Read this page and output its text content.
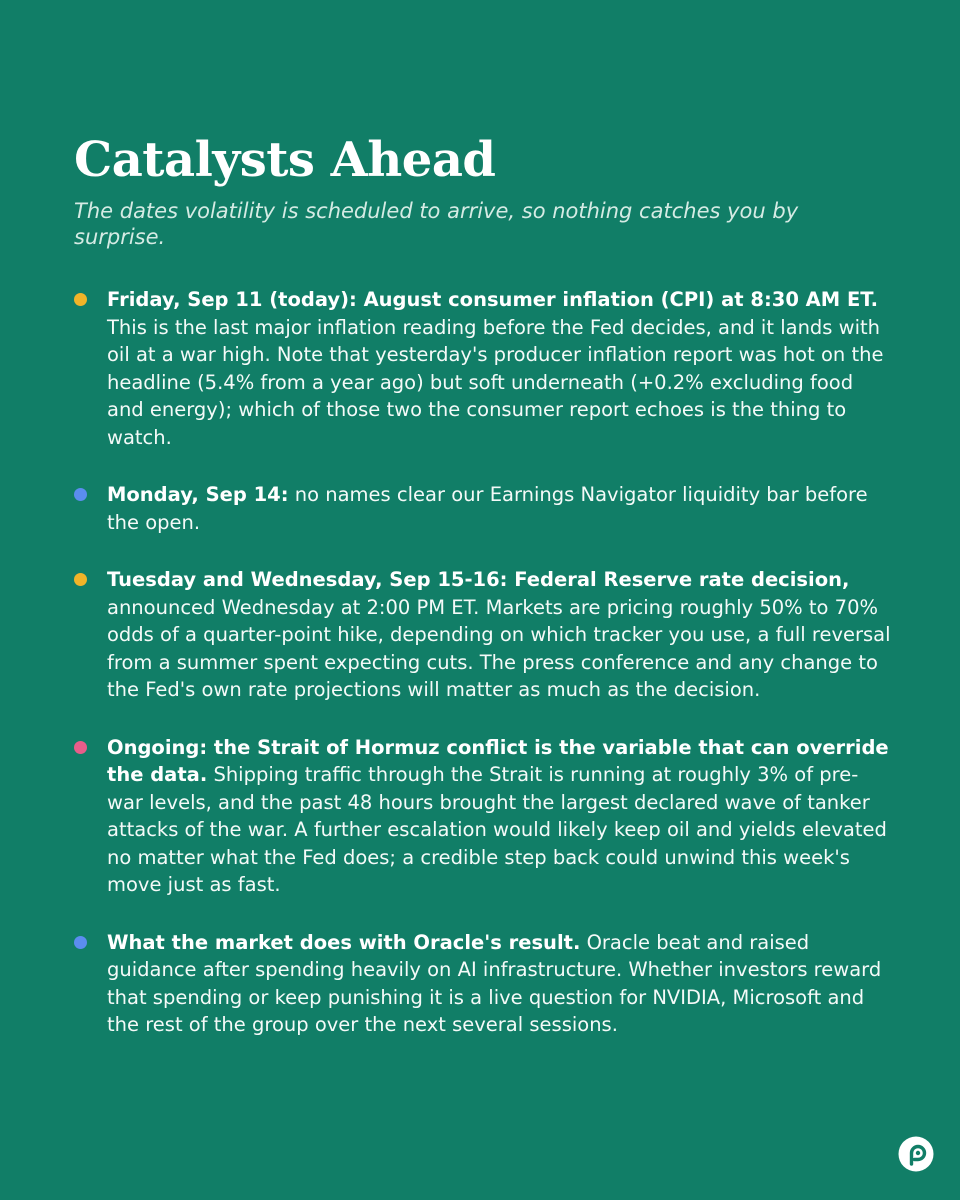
Catalysts Ahead

The dates volatility is scheduled to arrive, so nothing catches you by surprise.

Friday, Sep 11 (today): August consumer inflation (CPI) at 8:30 AM ET. This is the last major inflation reading before the Fed decides, and it lands with oil at a war high. Note that yesterday's producer inflation report was hot on the headline (5.4% from a year ago) but soft underneath (+0.2% excluding food and energy); which of those two the consumer report echoes is the thing to watch.
Monday, Sep 14: no names clear our Earnings Navigator liquidity bar before the open.
Tuesday and Wednesday, Sep 15-16: Federal Reserve rate decision, announced Wednesday at 2:00 PM ET. Markets are pricing roughly 50% to 70% odds of a quarter-point hike, depending on which tracker you use, a full reversal from a summer spent expecting cuts. The press conference and any change to the Fed's own rate projections will matter as much as the decision.
Ongoing: the Strait of Hormuz conflict is the variable that can override the data. Shipping traffic through the Strait is running at roughly 3% of pre-war levels, and the past 48 hours brought the largest declared wave of tanker attacks of the war. A further escalation would likely keep oil and yields elevated no matter what the Fed does; a credible step back could unwind this week's move just as fast.
What the market does with Oracle's result. Oracle beat and raised guidance after spending heavily on AI infrastructure. Whether investors reward that spending or keep punishing it is a live question for NVIDIA, Microsoft and the rest of the group over the next several sessions.
